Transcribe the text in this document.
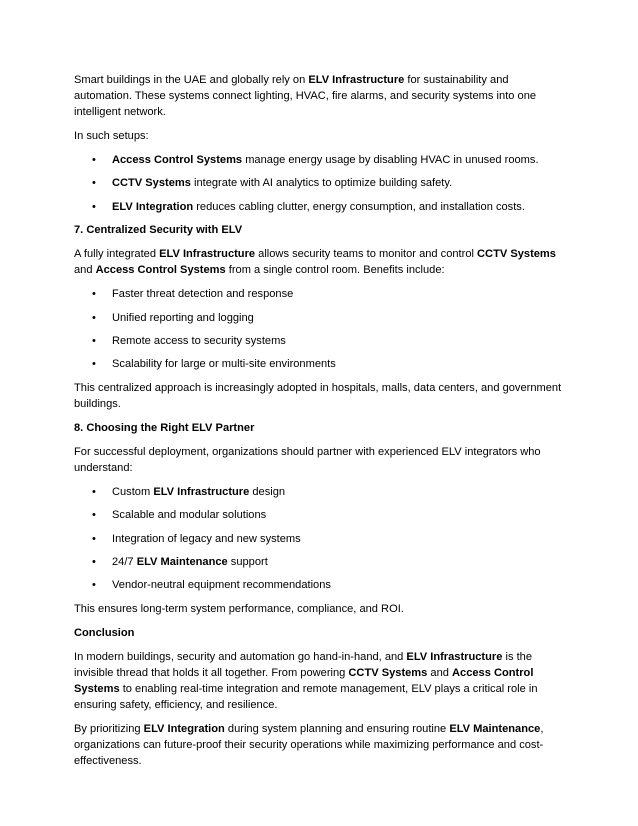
Smart buildings in the UAE and globally rely on ELV Infrastructure for sustainability and automation. These systems connect lighting, HVAC, fire alarms, and security systems into one intelligent network.

In such setups:

• Access Control Systems manage energy usage by disabling HVAC in unused rooms.
• CCTV Systems integrate with AI analytics to optimize building safety.
• ELV Integration reduces cabling clutter, energy consumption, and installation costs.
7. Centralized Security with ELV

A fully integrated ELV Infrastructure allows security teams to monitor and control CCTV Systems and Access Control Systems from a single control room. Benefits include:

• Faster threat detection and response
• Unified reporting and logging
• Remote access to security systems
• Scalability for large or multi-site environments

This centralized approach is increasingly adopted in hospitals, malls, data centers, and government buildings.

8. Choosing the Right ELV Partner

For successful deployment, organizations should partner with experienced ELV integrators who understand:

• Custom ELV Infrastructure design
• Scalable and modular solutions
• Integration of legacy and new systems
• 24/7 ELV Maintenance support
• Vendor-neutral equipment recommendations

This ensures long-term system performance, compliance, and ROI.

Conclusion

In modern buildings, security and automation go hand-in-hand, and ELV Infrastructure is the invisible thread that holds it all together. From powering CCTV Systems and Access Control Systems to enabling real-time integration and remote management, ELV plays a critical role in ensuring safety, efficiency, and resilience.

By prioritizing ELV Integration during system planning and ensuring routine ELV Maintenance, organizations can future-proof their security operations while maximizing performance and cost-effectiveness.
